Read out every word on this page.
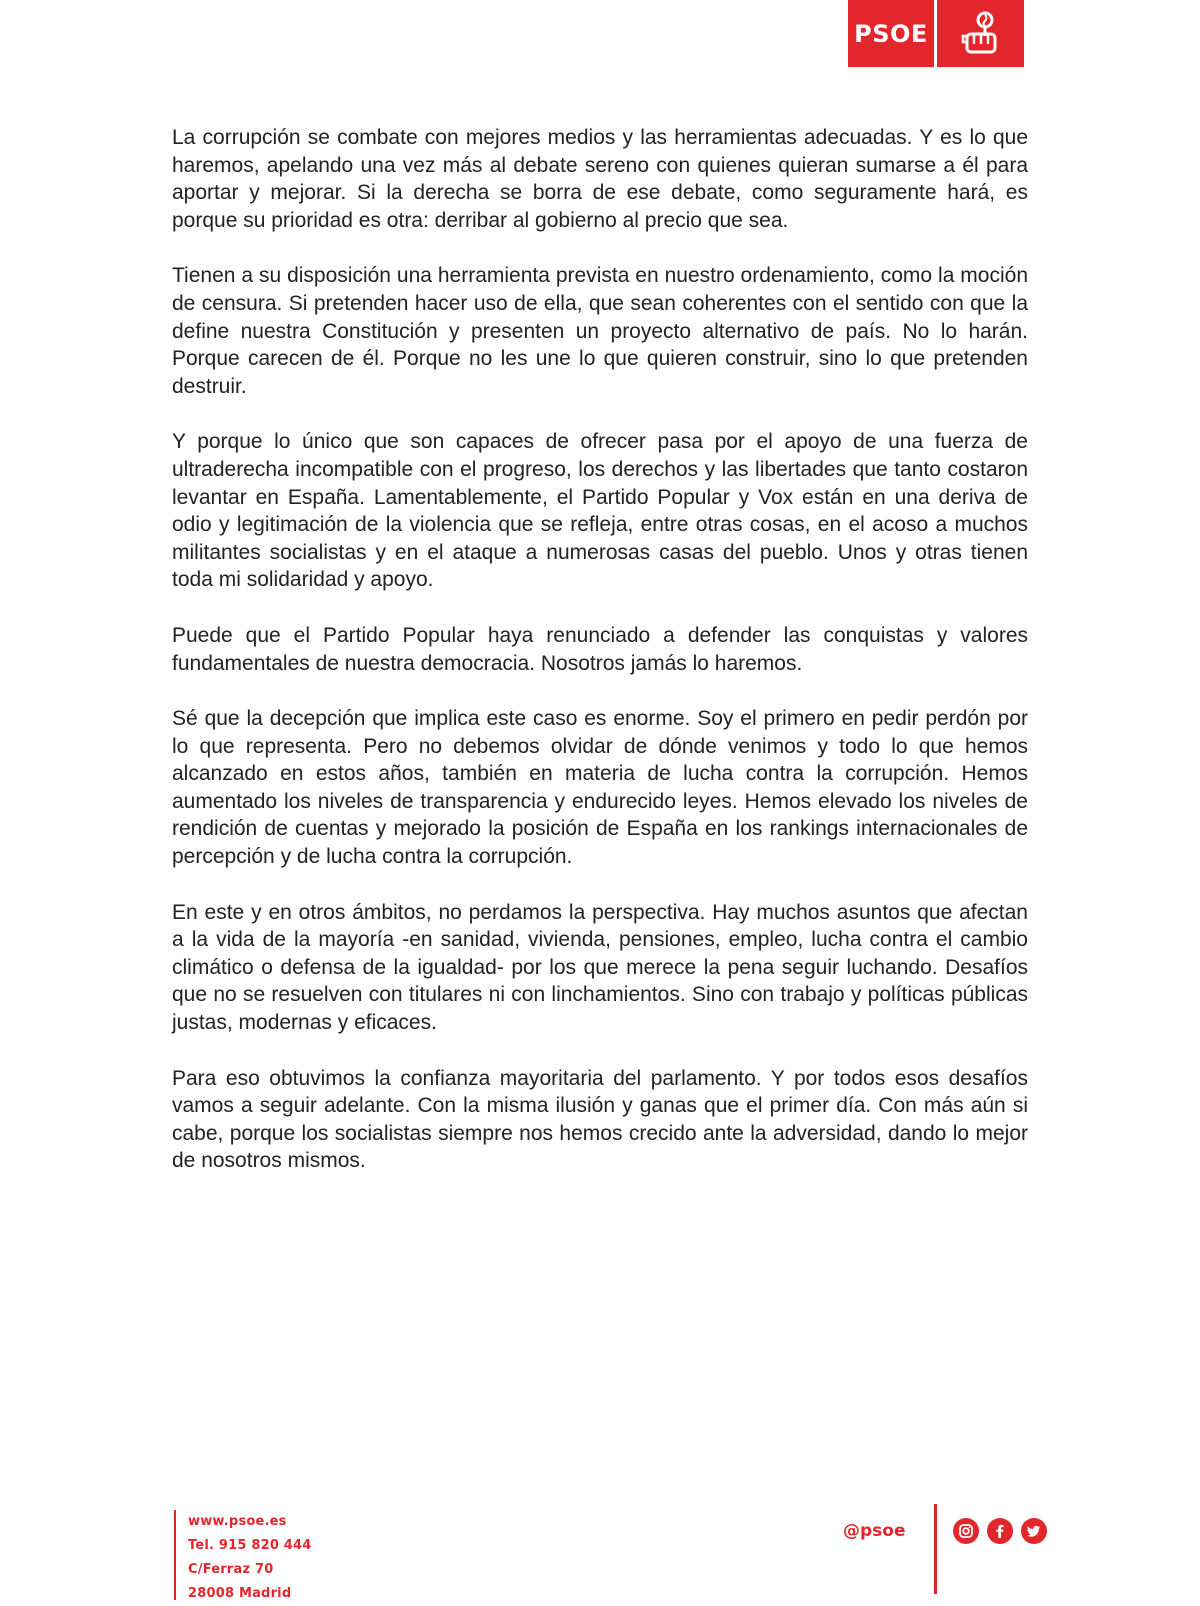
PSOE

La corrupción se combate con mejores medios y las herramientas adecuadas. Y es lo que haremos, apelando una vez más al debate sereno con quienes quieran sumarse a él para aportar y mejorar. Si la derecha se borra de ese debate, como seguramente hará, es porque su prioridad es otra: derribar al gobierno al precio que sea.

Tienen a su disposición una herramienta prevista en nuestro ordenamiento, como la moción de censura. Si pretenden hacer uso de ella, que sean coherentes con el sentido con que la define nuestra Constitución y presenten un proyecto alternativo de país. No lo harán. Porque carecen de él. Porque no les une lo que quieren construir, sino lo que pretenden destruir.

Y porque lo único que son capaces de ofrecer pasa por el apoyo de una fuerza de ultraderecha incompatible con el progreso, los derechos y las libertades que tanto costaron levantar en España. Lamentablemente, el Partido Popular y Vox están en una deriva de odio y legitimación de la violencia que se refleja, entre otras cosas, en el acoso a muchos militantes socialistas y en el ataque a numerosas casas del pueblo. Unos y otras tienen toda mi solidaridad y apoyo.

Puede que el Partido Popular haya renunciado a defender las conquistas y valores fundamentales de nuestra democracia. Nosotros jamás lo haremos.

Sé que la decepción que implica este caso es enorme. Soy el primero en pedir perdón por lo que representa. Pero no debemos olvidar de dónde venimos y todo lo que hemos alcanzado en estos años, también en materia de lucha contra la corrupción. Hemos aumentado los niveles de transparencia y endurecido leyes. Hemos elevado los niveles de rendición de cuentas y mejorado la posición de España en los rankings internacionales de percepción y de lucha contra la corrupción.

En este y en otros ámbitos, no perdamos la perspectiva. Hay muchos asuntos que afectan a la vida de la mayoría -en sanidad, vivienda, pensiones, empleo, lucha contra el cambio climático o defensa de la igualdad- por los que merece la pena seguir luchando. Desafíos que no se resuelven con titulares ni con linchamientos. Sino con trabajo y políticas públicas justas, modernas y eficaces.

Para eso obtuvimos la confianza mayoritaria del parlamento. Y por todos esos desafíos vamos a seguir adelante. Con la misma ilusión y ganas que el primer día. Con más aún si cabe, porque los socialistas siempre nos hemos crecido ante la adversidad, dando lo mejor de nosotros mismos.

www.psoe.es
Tel. 915 820 444
C/Ferraz 70
28008 Madrid
@psoe
